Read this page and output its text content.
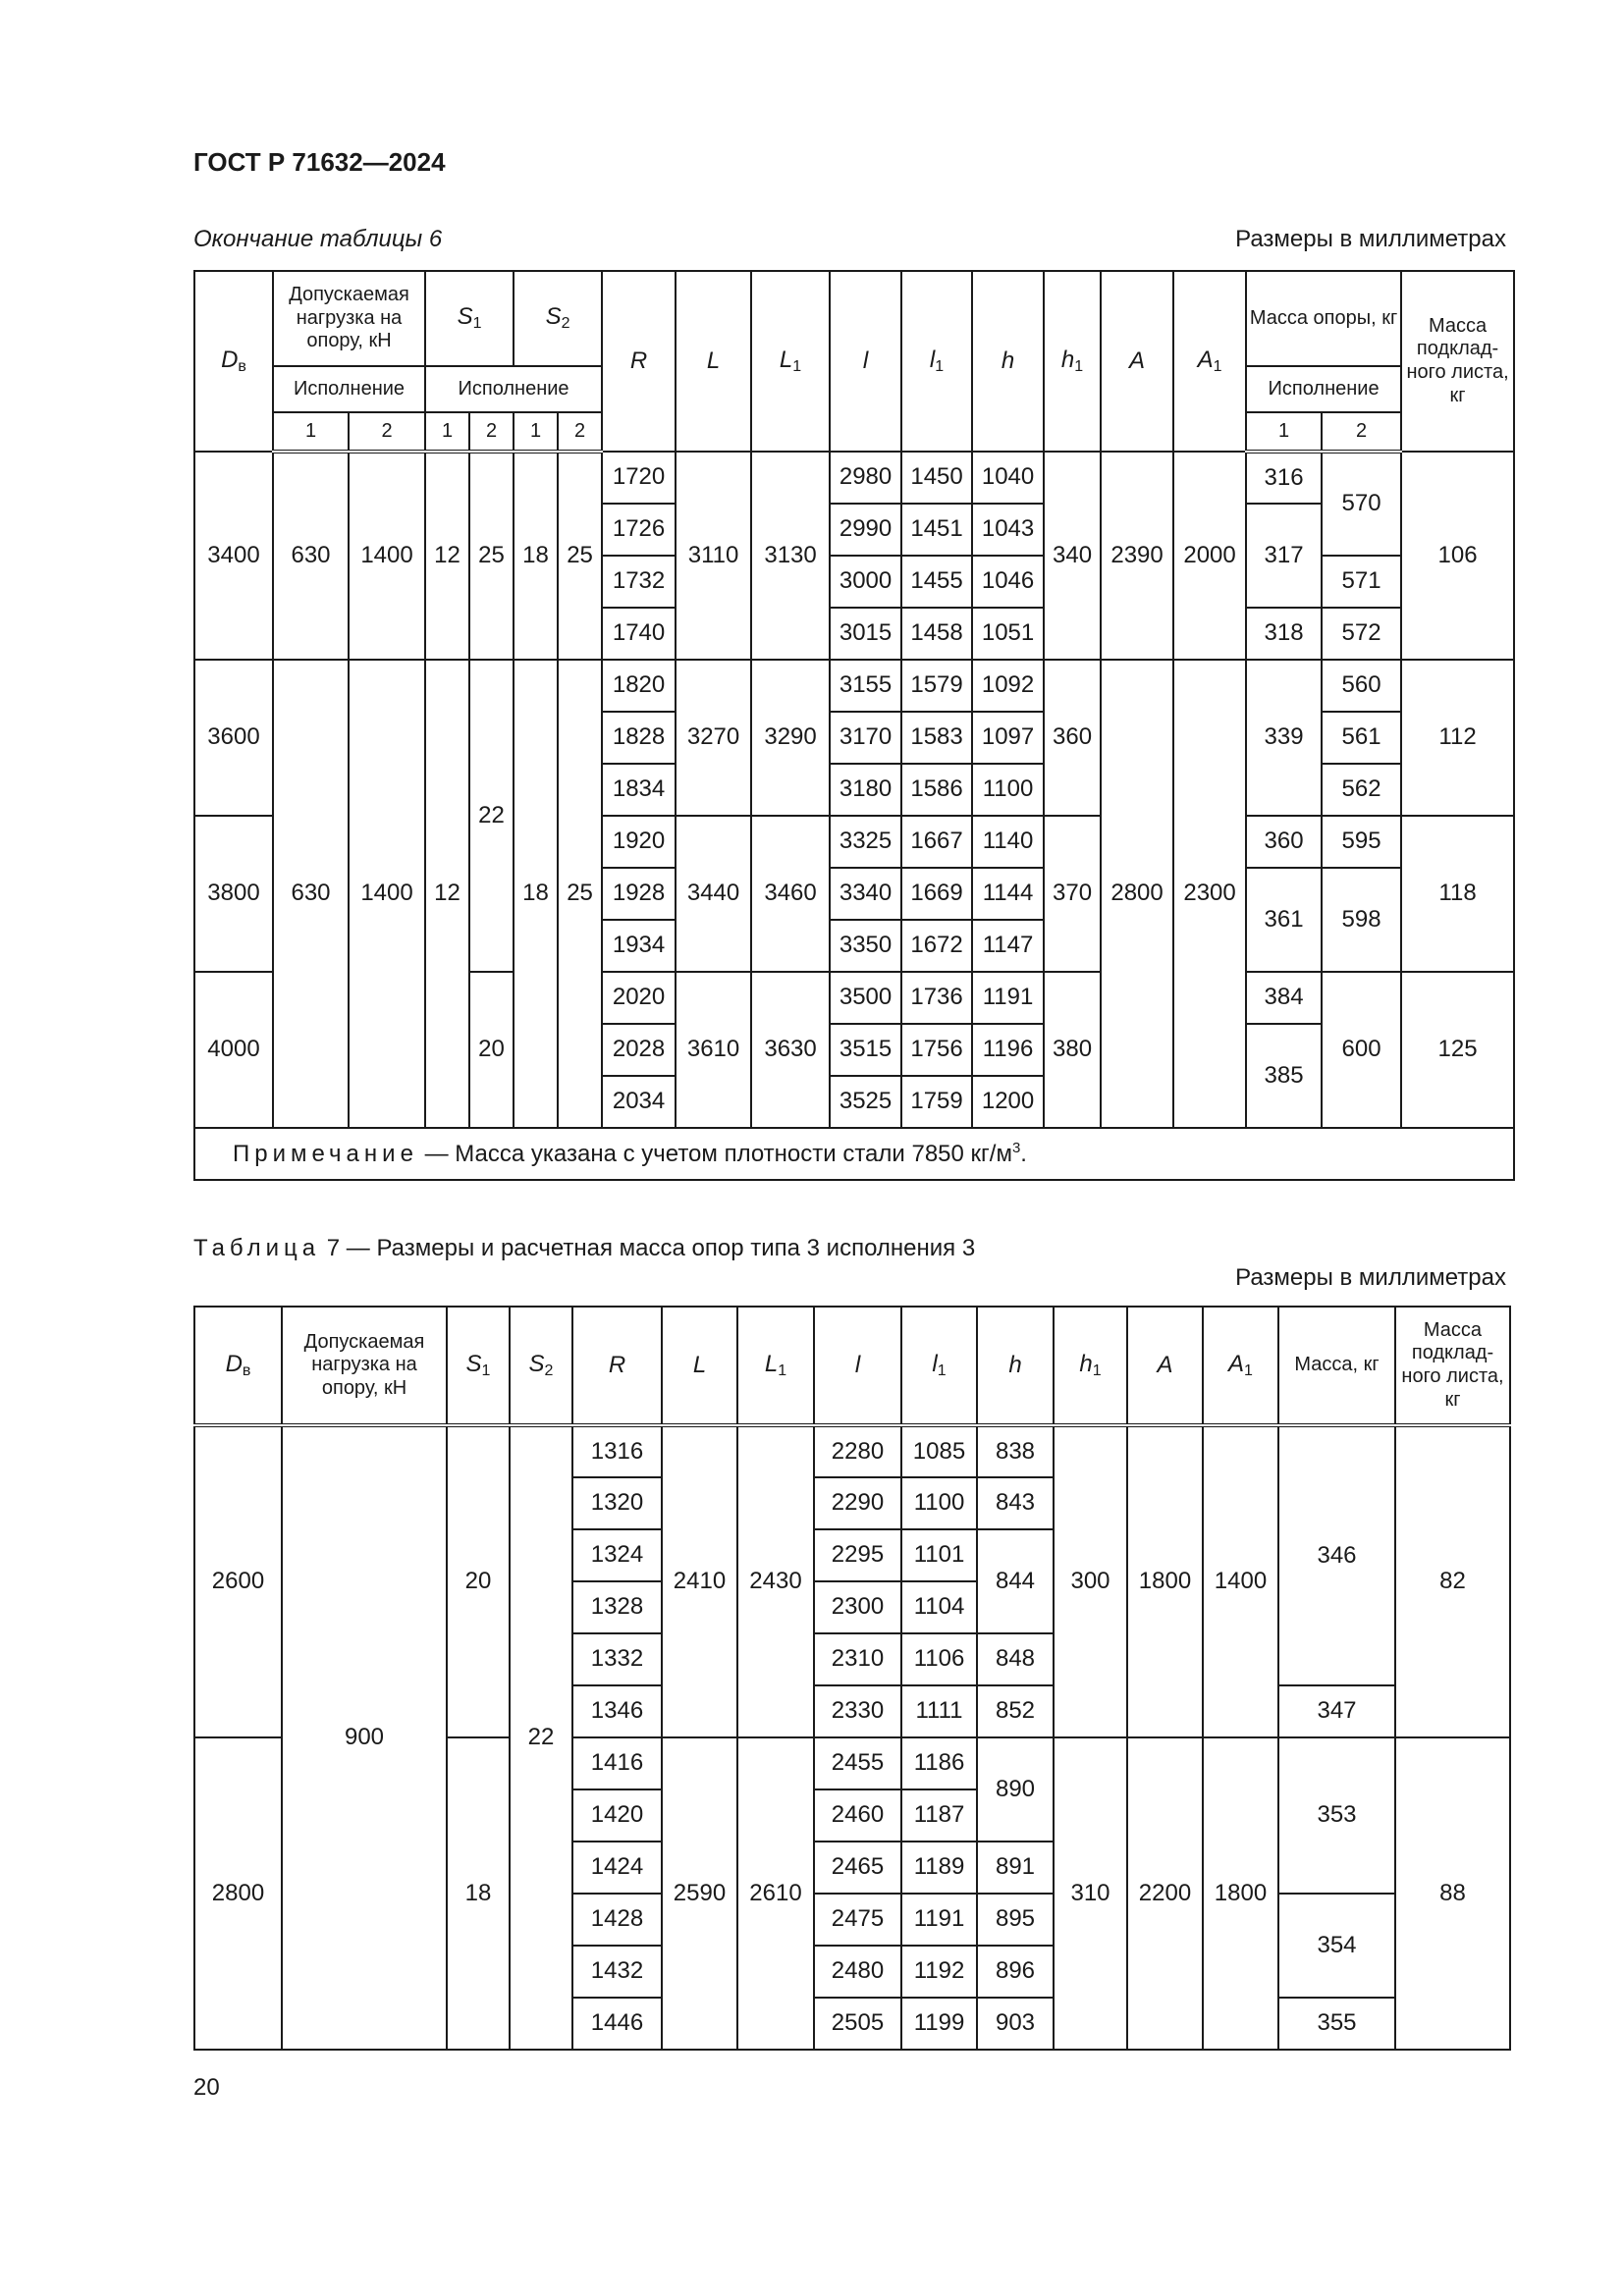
ГОСТ Р 71632—2024
Окончание таблицы 6	Размеры в миллиметрах
$D_в$	Допускаемая нагрузка на опору, кН		$S_1$		$S_2$		R	L	$L_1$	l	$l_1$	h	$h_1$	A	$A_1$	Масса опоры, кг		Масса подклад-ного листа, кг
	Исполнение		Исполнение													Исполнение		
	1	2	1	2	1	2										1	2	
3400	630	1400	12	25	18	25	1720	3110	3130	2980	1450	1040	340	2390	2000	316	570	106
							1726			2990	1451	1043				317		
							1732			3000	1455	1046					571	
							1740			3015	1458	1051				318	572	
3600	630	1400	12	22	18	25	1820	3270	3290	3155	1579	1092	360	2800	2300	339	560	112
							1828			3170	1583	1097					561	
							1834			3180	1586	1100					562	
3800							1920	3440	3460	3325	1667	1140	370			360	595	118
							1928			3340	1669	1144				361	598	
							1934			3350	1672	1147						
4000				20			2020	3610	3630	3500	1736	1191	380			384	600	125
							2028			3515	1756	1196				385		
							2034			3525	1759	1200						
Примечание — Масса указана с учетом плотности стали 7850 $кг/м^3$.																		
Таблица 7 — Размеры и расчетная масса опор типа 3 исполнения 3
Размеры в миллиметрах
$D_в$	Допускаемая нагрузка на опору, кН	$S_1$	$S_2$	R	L	$L_1$	l	$l_1$	h	$h_1$	A	$A_1$	Масса, кг	Масса подклад-ного листа, кг
2600	900	20	22	1316	2410	2430	2280	1085	838	300	1800	1400	346	82
				1320			2290	1100	843					
				1324			2295	1101	844					
				1328			2300	1104						
				1332			2310	1106	848					
				1346			2330	1111	852				347	
2800		18		1416	2590	2610	2455	1186	890	310	2200	1800	353	88
				1420			2460	1187						
				1424			2465	1189	891					
				1428			2475	1191	895				354	
				1432			2480	1192	896					
				1446			2505	1199	903				355	
20
